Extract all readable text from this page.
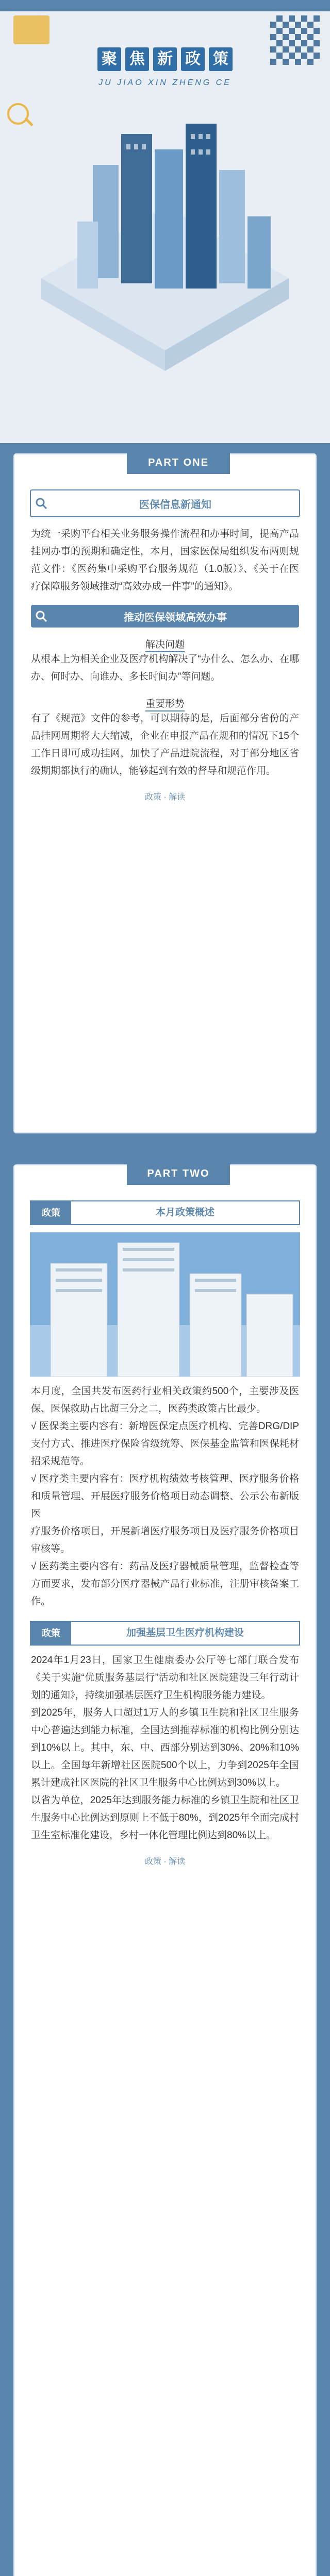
聚 焦 新 政 策
JU JIAO XIN ZHENG CE
PART ONE
医保信息新通知
为统一采购平台相关业务服务操作流程和办事时间，提高产品挂网办事的预期和确定性，本月，国家医保局组织发布两则规范文件：《医药集中采购平台服务规范（1.0版）》、《关于在医疗保障服务领域推动“高效办成一件事”的通知》。
推动医保领域高效办事
解决问题
从根本上为相关企业及医疗机构解决了“办什么、怎么办、在哪办、何时办、向谁办、多长时间办”等问题。
重要形势
有了《规范》文件的参考，可以期待的是，后面部分省份的产品挂网周期将大大缩减，企业在申报产品在规和的情况下15个工作日即可成功挂网，加快了产品进院流程，对于部分地区省级期期都执行的确认，能够起到有效的督导和规范作用。
政策 · 解读
PART TWO
政策	本月政策概述
本月度，全国共发布医药行业相关政策约500个，主要涉及医保、医保救助占比超三分之二，医药类政策占比最少。
√ 医保类主要内容有：新增医保定点医疗机构、完善DRG/DIP支付方式、推进医疗保险省级统筹、医保基金监管和医保耗材招采规范等。
√ 医疗类主要内容有：医疗机构绩效考核管理、医疗服务价格和质量管理、开展医疗服务价格项目动态调整、公示公布新版医
疗服务价格项目，开展新增医疗服务项目及医疗服务价格项目审核等。
√ 医药类主要内容有：药品及医疗器械质量管理，监督检查等方面要求，发布部分医疗器械产品行业标准，注册审核备案工作。
政策	加强基层卫生医疗机构建设
2024年1月23日，国家卫生健康委办公厅等七部门联合发布《关于实施“优质服务基层行”活动和社区医院建设三年行动计划的通知》，持续加强基层医疗卫生机构服务能力建设。
到2025年，服务人口超过1万人的乡镇卫生院和社区卫生服务中心普遍达到能力标准，全国达到推荐标准的机构比例分别达到10%以上。其中，东、中、西部分别达到30%、20%和10%以上。全国每年新增社区医院500个以上，力争到2025年全国累计建成社区医院的社区卫生服务中心比例达到30%以上。
以省为单位，2025年达到服务能力标准的乡镇卫生院和社区卫生服务中心比例达到原则上不低于80%，到2025年全面完成村卫生室标准化建设，乡村一体化管理比例达到80%以上。
政策 · 解读
